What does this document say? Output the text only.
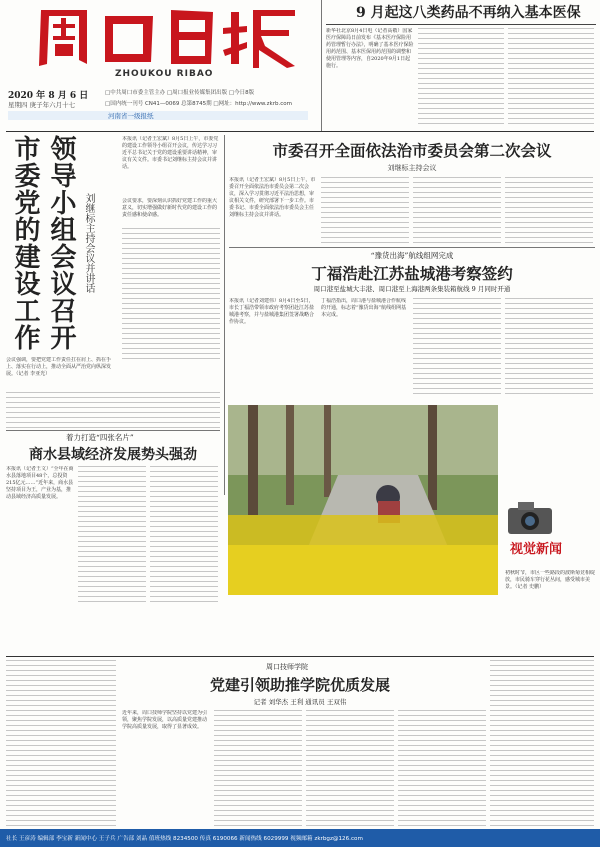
ZHOUKOU RIBAO
2020 年 8 月 6 日
星期四 庚子年六月十七
河南省一级报纸
□中共周口市委主管主办 □周口报业传媒集团出版 □今日8版
□国内统一刊号 CN41—0069 总第8745期 □网址：http://www.zkrb.com
9 月起这八类药品不再纳入基本医保
新华社北京8月4日电（记者高敬）国家医疗保障局日前发布《基本医疗保险用药管理暂行办法》，明确了基本医疗保险用药范围、基本医保用药范围的调整和使用管理等内容，自2020年9月1日起施行。
领导小组会议召开
市委党的建设工作	刘继标主持会议并讲话
会议强调，要把党建工作责任扛在肩上、抓在手上、落实在行动上，推动全面从严治党向纵深发展。（记者 李亚光）
本报讯（记者王宏斌）8月5日上午，市委党的建设工作领导小组召开会议，传达学习习近平总书记关于党的建设重要讲话精神，审议有关文件。市委书记刘继标主持会议并讲话。
会议要求，要深刻认识抓好党建工作的重大意义，切实增强做好新时代党的建设工作的责任感和使命感。
市委召开全面依法治市委员会第二次会议
刘继标主持会议
本报讯（记者王宏斌）8月5日上午，市委召开全面依法治市委员会第二次会议，深入学习贯彻习近平法治思想，审议相关文件，研究部署下一步工作。市委书记、市委全面依法治市委员会主任刘继标主持会议并讲话。
“豫货出海”航线组网完成
丁福浩赴江苏盐城港考察签约
周口港至盐城大丰港、周口港至上海港两条集装箱航线 9 月同时开通
本报讯（记者刘建伟）8月4日至5日，市长丁福浩带领市政府考察团赴江苏盐城港考察，并与盐城港集团签署战略合作协议。
丁福浩指出，周口港与盐城港合作航线的开通，标志着“豫货出海”航线组网基本完成。
着力打造“四张名片”
商水县域经济发展势头强劲
本报讯（记者王文）“全年在商水县落地项目48个，总投资215亿元……”近年来，商水县坚持项目为王，产业为基，推动县域经济高质量发展。
视觉新闻
初秋时节，市区一些路段的波斯菊竞相绽放，市民骑车穿行花丛间，感受城市美景。（记者 史鹏）
周口技师学院
党建引领助推学院优质发展
记者 刘华杰 王利 通讯员 王双伟
近年来，周口技师学院坚持以党建为引领，聚焦学院发展，以高质量党建推动学院高质量发展，取得了显著成效。
社长 王彦涛 编辑部 李宝新 新闻中心 王子兵 广告部 刘晶 值班热线 8234500 传真 6190066 新闻热线 6029999 视频邮箱 zkrbgz@126.com
